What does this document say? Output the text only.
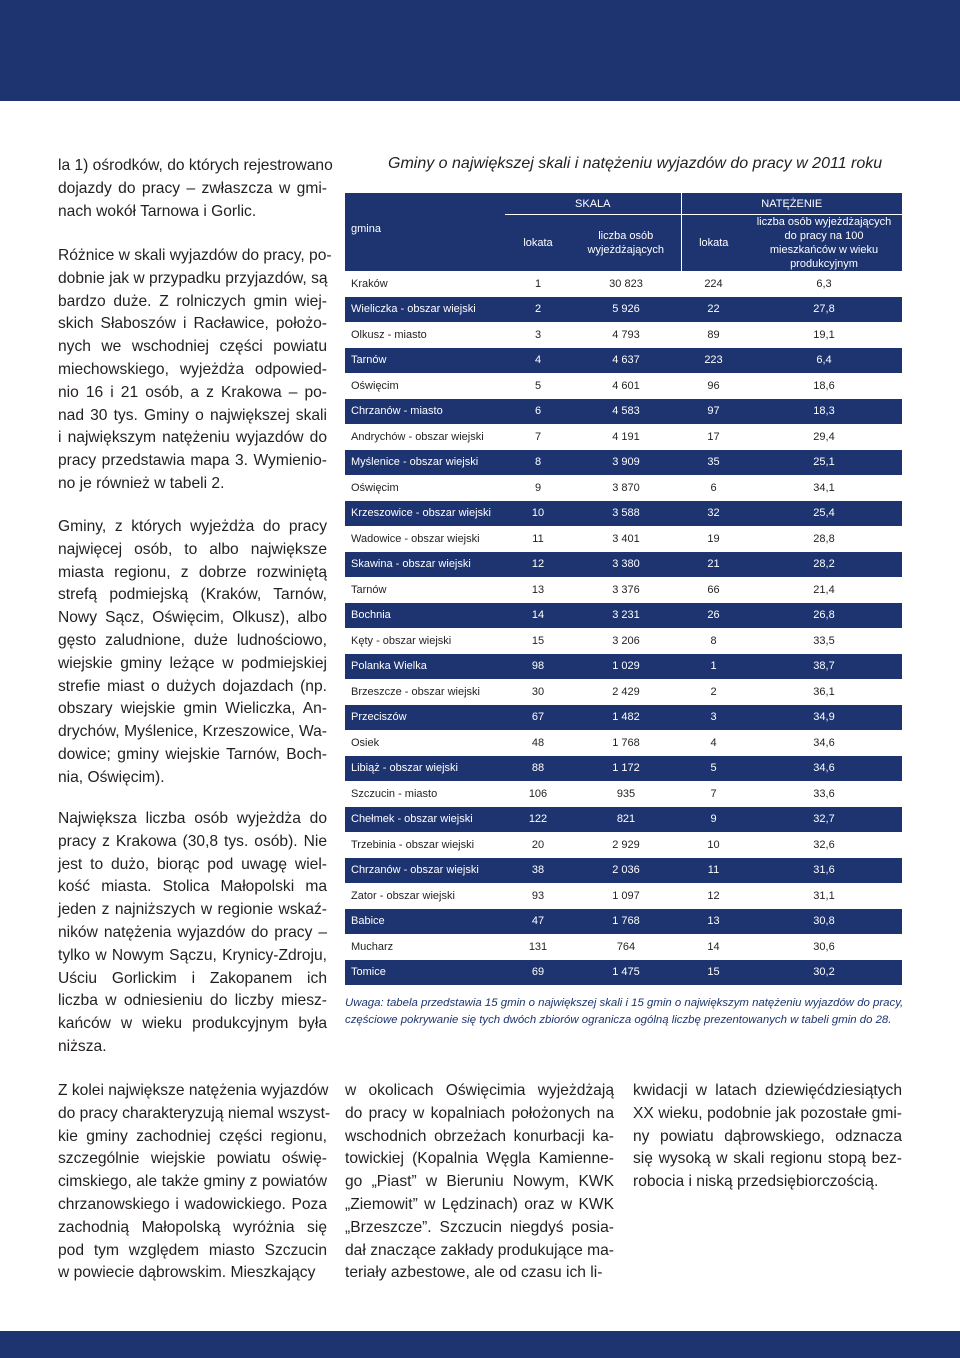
la 1) ośrodków, do których rejestrowano
dojazdy do pracy – zwłaszcza w gmi-
nach wokół Tarnowa i Gorlic.
Różnice w skali wyjazdów do pracy, po-
dobnie jak w przypadku przyjazdów, są
bardzo duże. Z rolniczych gmin wiej-
skich Słaboszów i Racławice, położo-
nych we wschodniej części powiatu
miechowskiego, wyjeżdża odpowied-
nio 16 i 21 osób, a z Krakowa – po-
nad 30 tys. Gminy o największej skali
i największym natężeniu wyjazdów do
pracy przedstawia mapa 3. Wymienio-
no je również w tabeli 2.
Gminy, z których wyjeżdża do pracy
najwięcej osób, to albo największe
miasta regionu, z dobrze rozwiniętą
strefą podmiejską (Kraków, Tarnów,
Nowy Sącz, Oświęcim, Olkusz), albo
gęsto zaludnione, duże ludnościowo,
wiejskie gminy leżące w podmiejskiej
strefie miast o dużych dojazdach (np.
obszary wiejskie gmin Wieliczka, An-
drychów, Myślenice, Krzeszowice, Wa-
dowice; gminy wiejskie Tarnów, Boch-
nia, Oświęcim).
Największa liczba osób wyjeżdża do
pracy z Krakowa (30,8 tys. osób). Nie
jest to dużo, biorąc pod uwagę wiel-
kość miasta. Stolica Małopolski ma
jeden z najniższych w regionie wskaź-
ników natężenia wyjazdów do pracy –
tylko w Nowym Sączu, Krynicy-Zdroju,
Uściu Gorlickim i Zakopanem ich
liczba w odniesieniu do liczby miesz-
kańców w wieku produkcyjnym była
niższa.
Gminy o największej skali i natężeniu wyjazdów do pracy w 2011 roku
gmina	SKALA		NATĘŻENIE	
	lokata	liczba osób wyjeżdżających	lokata	liczba osób wyjeżdżających do pracy na 100 mieszkańców w wieku produkcyjnym
Kraków	1	30 823	224	6,3
Wieliczka - obszar wiejski	2	5 926	22	27,8
Olkusz - miasto	3	4 793	89	19,1
Tarnów	4	4 637	223	6,4
Oświęcim	5	4 601	96	18,6
Chrzanów - miasto	6	4 583	97	18,3
Andrychów - obszar wiejski	7	4 191	17	29,4
Myślenice - obszar wiejski	8	3 909	35	25,1
Oświęcim	9	3 870	6	34,1
Krzeszowice - obszar wiejski	10	3 588	32	25,4
Wadowice - obszar wiejski	11	3 401	19	28,8
Skawina - obszar wiejski	12	3 380	21	28,2
Tarnów	13	3 376	66	21,4
Bochnia	14	3 231	26	26,8
Kęty - obszar wiejski	15	3 206	8	33,5
Polanka Wielka	98	1 029	1	38,7
Brzeszcze - obszar wiejski	30	2 429	2	36,1
Przeciszów	67	1 482	3	34,9
Osiek	48	1 768	4	34,6
Libiąż - obszar wiejski	88	1 172	5	34,6
Szczucin - miasto	106	935	7	33,6
Chełmek - obszar wiejski	122	821	9	32,7
Trzebinia - obszar wiejski	20	2 929	10	32,6
Chrzanów - obszar wiejski	38	2 036	11	31,6
Zator - obszar wiejski	93	1 097	12	31,1
Babice	47	1 768	13	30,8
Mucharz	131	764	14	30,6
Tomice	69	1 475	15	30,2
Uwaga: tabela przedstawia 15 gmin o największej skali i 15 gmin o największym natężeniu wyjazdów do pracy,
częściowe pokrywanie się tych dwóch zbiorów ogranicza ogólną liczbę prezentowanych w tabeli gmin do 28.
Z kolei największe natężenia wyjazdów
do pracy charakteryzują niemal wszyst-
kie gminy zachodniej części regionu,
szczególnie wiejskie powiatu oświę-
cimskiego, ale także gminy z powiatów
chrzanowskiego i wadowickiego. Poza
zachodnią Małopolską wyróżnia się
pod tym względem miasto Szczucin
w powiecie dąbrowskim. Mieszkający
w okolicach Oświęcimia wyjeżdżają
do pracy w kopalniach położonych na
wschodnich obrzeżach konurbacji ka-
towickiej (Kopalnia Węgla Kamienne-
go „Piast” w Bieruniu Nowym, KWK
„Ziemowit” w Lędzinach) oraz w KWK
„Brzeszcze”. Szczucin niegdyś posia-
dał znaczące zakłady produkujące ma-
teriały azbestowe, ale od czasu ich li-
kwidacji w latach dziewięćdziesiątych
XX wieku, podobnie jak pozostałe gmi-
ny powiatu dąbrowskiego, odznacza
się wysoką w skali regionu stopą bez-
robocia i niską przedsiębiorczością.
